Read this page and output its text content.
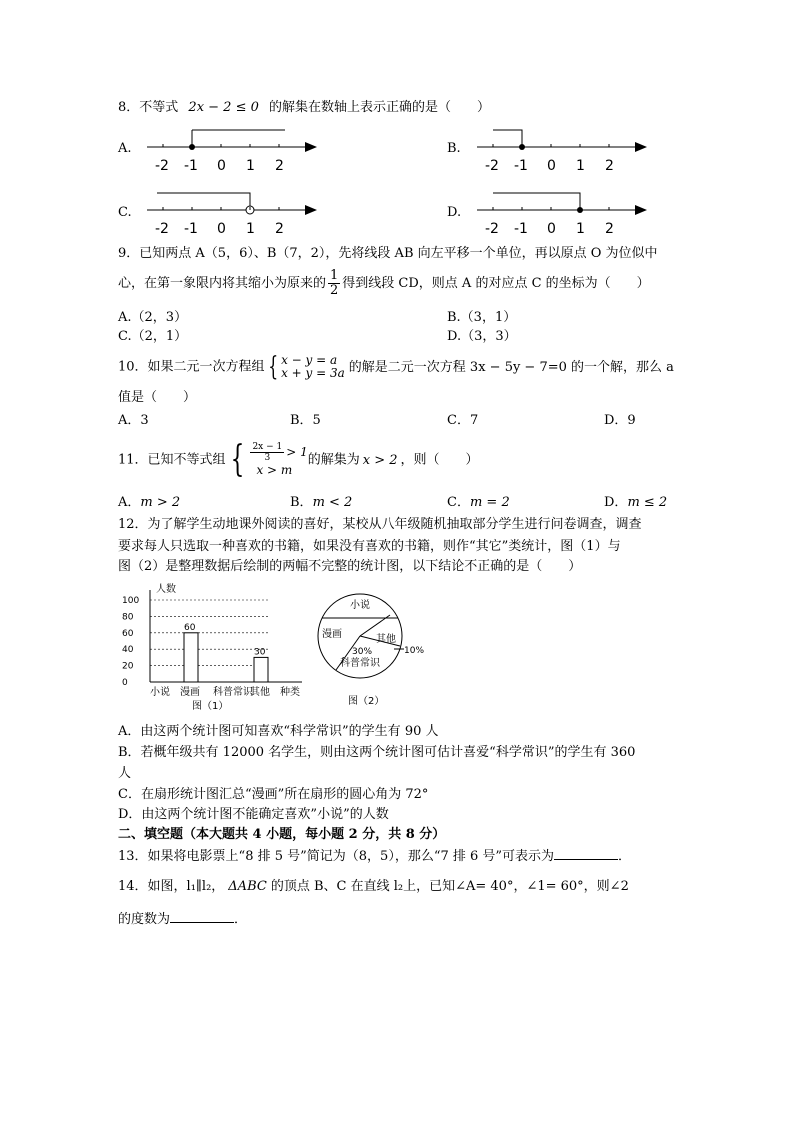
8．不等式 2x − 2 ≤ 0 的解集在数轴上表示正确的是（　　）
A.	B.
C.	D.
-2 -1 0 1 2	-2 -1 0 1 2
-2 -1 0 1 2	-2 -1 0 1 2
9．已知两点 A（5，6）、B（7，2），先将线段 AB 向左平移一个单位，再以原点 O 为位似中
心，在第一象限内将其缩小为原来的 $\frac{1}{2}$ 得到线段 CD，则点 A 的对应点 C 的坐标为（　　）
A.（2，3）	B.（3，1）
C.（2，1）	D.（3，3）
10．如果二元一次方程组 { x − y = a
x + y = 3a 的解是二元一次方程 3x − 5y − 7=0 的一个解，那么 a
值是（　　）
A．3	B．5	C．7	D．9
11．已知不等式组 { $\frac{2x - 1}{3} > 1$
x > m
的解集为 x > 2 ，则（　　）
A．m > 2	B．m < 2	C．m = 2	D．m ≤ 2
12．为了解学生动地课外阅读的喜好，某校从八年级随机抽取部分学生进行问卷调查，调查
要求每人只选取一种喜欢的书籍，如果没有喜欢的书籍，则作“其它”类统计，图（1）与
图（2）是整理数据后绘制的两幅不完整的统计图，以下结论不正确的是（　　）
人数
0
20
40
60
80
100
小说 漫画
60
科普常识
其他
30
种类
图（1）
小说
漫画	其他
30%
科普常识
10%
图（2）
A．由这两个统计图可知喜欢“科学常识”的学生有 90 人
B．若概年级共有 12000 名学生，则由这两个统计图可估计喜爱“科学常识”的学生有 360
人
C．在扇形统计图汇总“漫画”所在扇形的圆心角为 72°
D．由这两个统计图不能确定喜欢”小说”的人数
二、填空题（本大题共 4 小题，每小题 2 分，共 8 分）
13．如果将电影票上“8 排 5 号”简记为（8，5），那么“7 排 6 号”可表示为	．
14．如图，l₁∥l₂， ΔABC 的顶点 B、C 在直线 l₂上，已知∠A= 40°，∠1= 60°，则∠2
的度数为	．
